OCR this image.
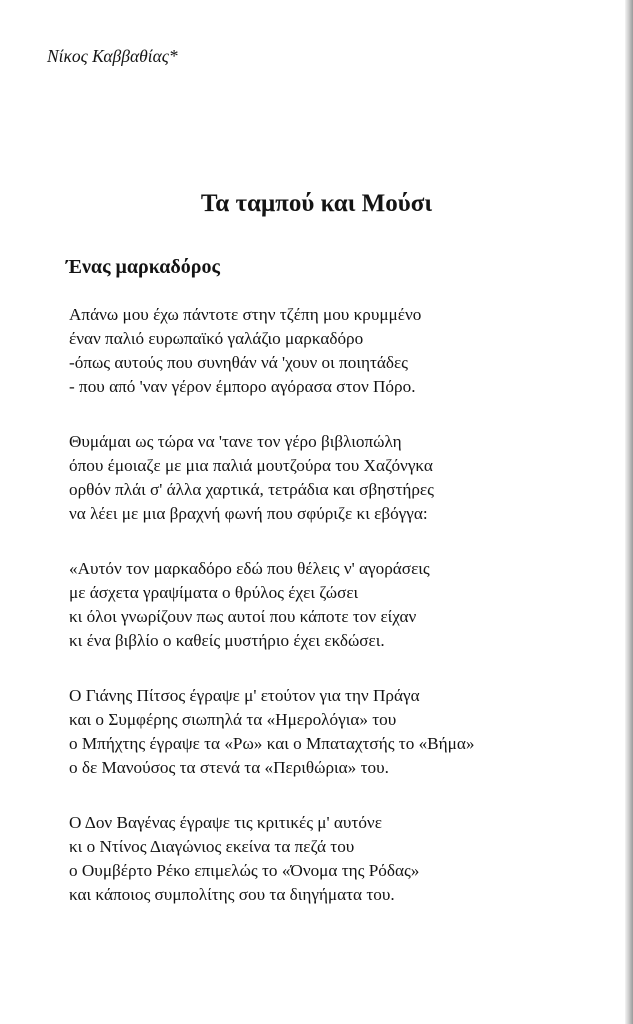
Νίκος Καββαθίας*

Τα ταμπού και Μούσι
Ένας μαρκαδόρος
Απάνω μου έχω πάντοτε στην τζέπη μου κρυμμένο
έναν παλιό ευρωπαϊκό γαλάζιο μαρκαδόρο
-όπως αυτούς που συνηθάν νά 'χουν οι ποιητάδες
- που από 'ναν γέρον έμπορο αγόρασα στον Πόρο.
Θυμάμαι ως τώρα να 'τανε τον γέρο βιβλιοπώλη
όπου έμοιαζε με μια παλιά μουτζούρα του Χαζόνγκα
ορθόν πλάι σ' άλλα χαρτικά, τετράδια και σβηστήρες
να λέει με μια βραχνή φωνή που σφύριζε κι εβόγγα:
«Αυτόν τον μαρκαδόρο εδώ που θέλεις ν' αγοράσεις
με άσχετα γραψίματα ο θρύλος έχει ζώσει
κι όλοι γνωρίζουν πως αυτοί που κάποτε τον είχαν
κι ένα βιβλίο ο καθείς μυστήριο έχει εκδώσει.
Ο Γιάνης Πίτσος έγραψε μ' ετούτον για την Πράγα
και ο Συμφέρης σιωπηλά τα «Ημερολόγια» του
ο Μπήχτης έγραψε τα «Ρω» και ο Μπαταχτσής το «Βήμα»
ο δε Μανούσος τα στενά τα «Περιθώρια» του.
Ο Δον Βαγένας έγραψε τις κριτικές μ' αυτόνε
κι ο Ντίνος Διαγώνιος εκείνα τα πεζά του
ο Ουμβέρτο Ρέκο επιμελώς το «Όνομα της Ρόδας»
και κάποιος συμπολίτης σου τα διηγήματα του.
